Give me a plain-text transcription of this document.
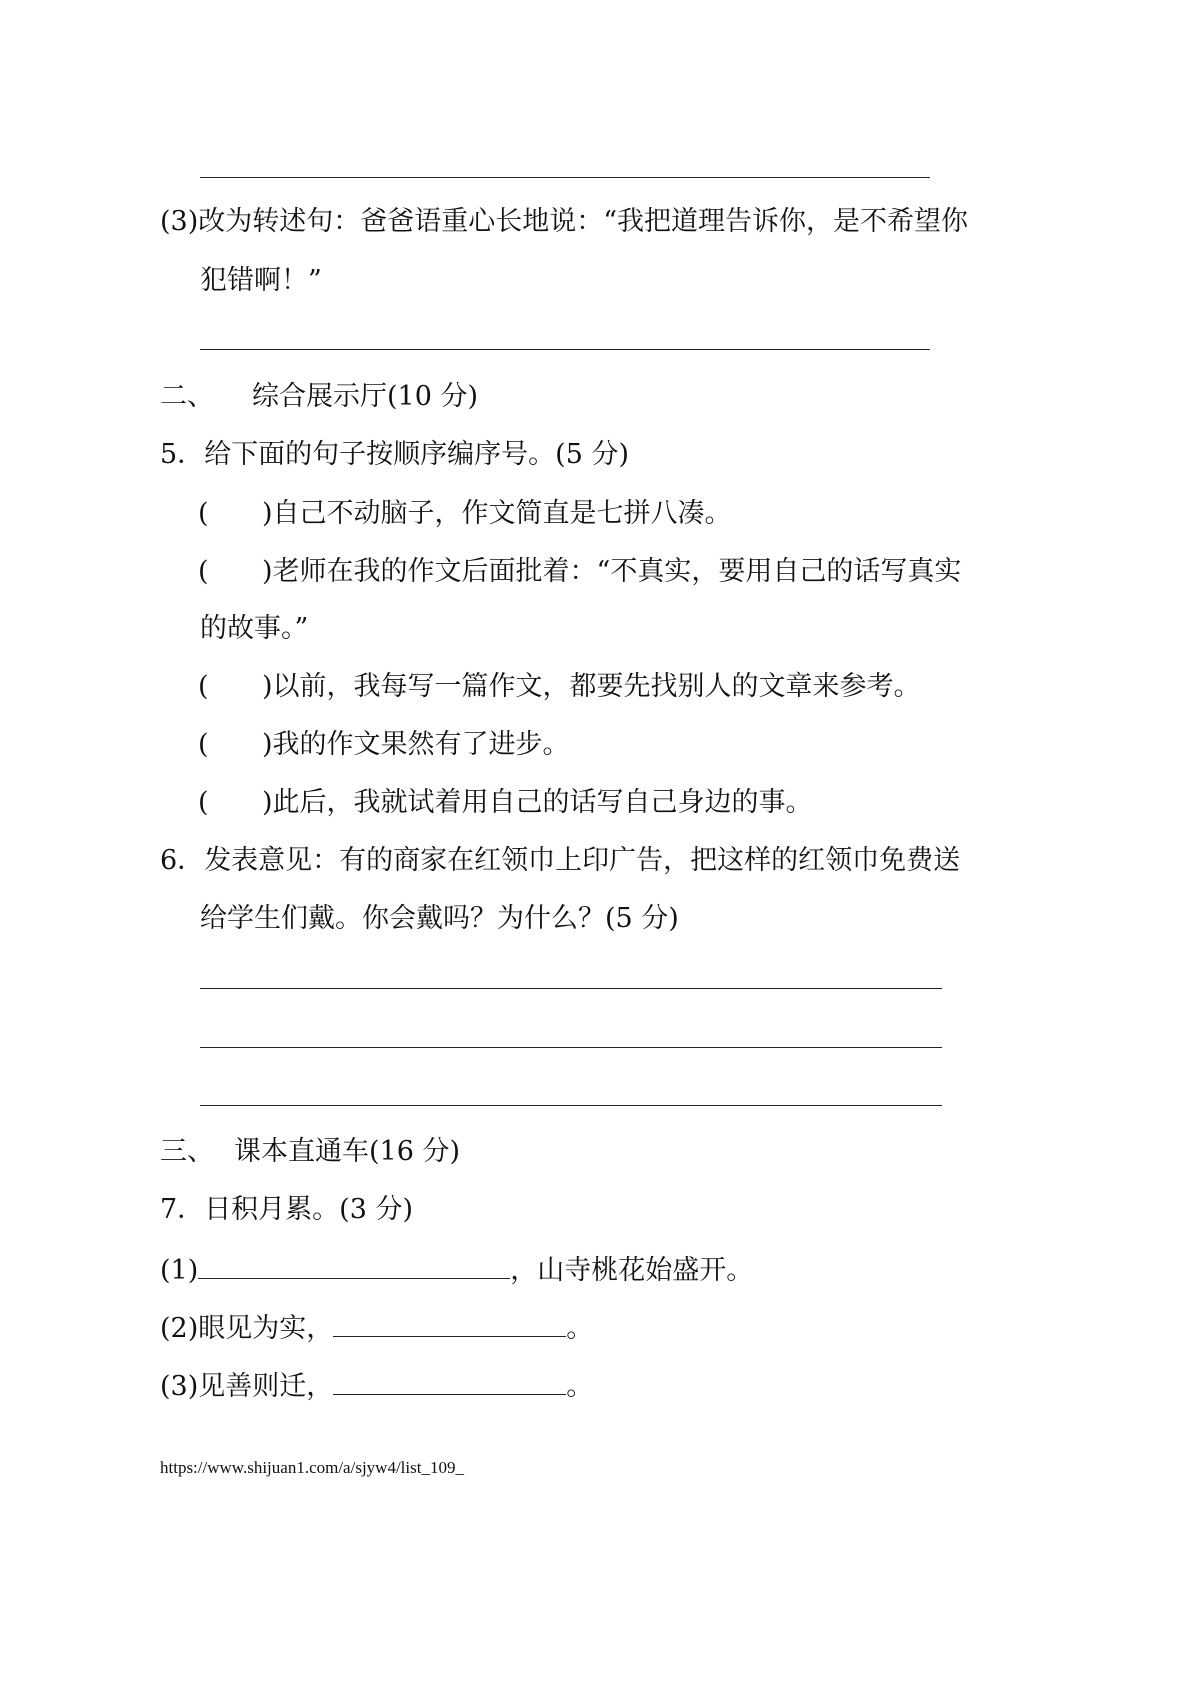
(3)改为转述句：爸爸语重心长地说：“我把道理告诉你，是不希望你
犯错啊！”
二、 综合展示厅(10 分)
5．给下面的句子按顺序编序号。(5 分)
( )自己不动脑子，作文简直是七拼八凑。
( )老师在我的作文后面批着：“不真实，要用自己的话写真实
的故事。”
( )以前，我每写一篇作文，都要先找别人的文章来参考。
( )我的作文果然有了进步。
( )此后，我就试着用自己的话写自己身边的事。
6．发表意见：有的商家在红领巾上印广告，把这样的红领巾免费送
给学生们戴。你会戴吗？为什么？(5 分)
三、 课本直通车(16 分)
7．日积月累。(3 分)
(1)	，山寺桃花始盛开。
(2)眼见为实，	。
(3)见善则迁，	。
https://www.shijuan1.com/a/sjyw4/list_109_
